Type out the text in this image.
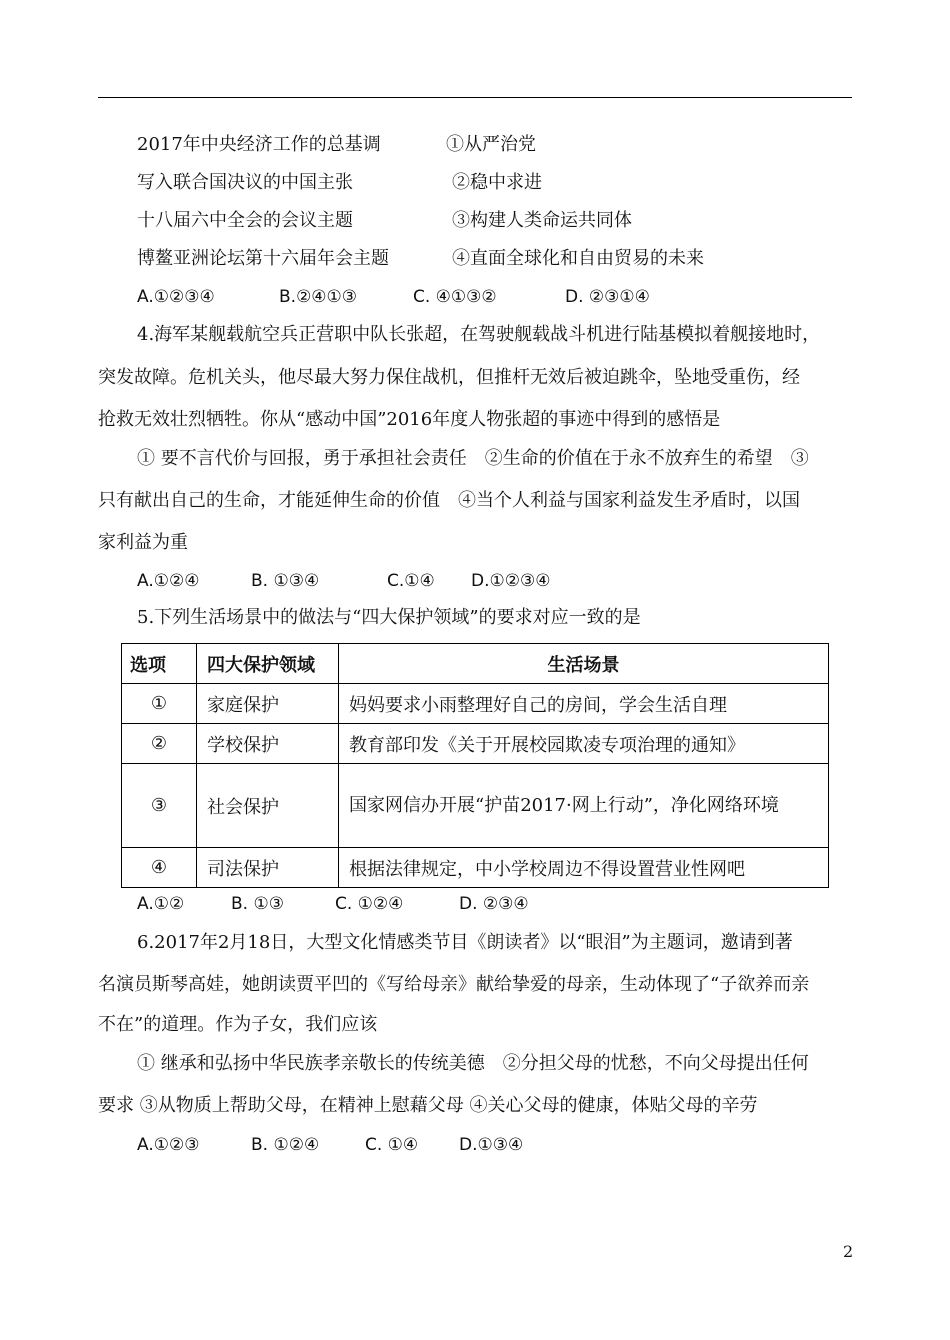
2017年中央经济工作的总基调	①从严治党
写入联合国决议的中国主张	②稳中求进
十八届六中全会的会议主题	③构建人类命运共同体
博鳌亚洲论坛第十六届年会主题	④直面全球化和自由贸易的未来
A.①②③④	B.②④①③	C. ④①③②	D. ②③①④
4.海军某舰载航空兵正营职中队长张超，在驾驶舰载战斗机进行陆基模拟着舰接地时，
突发故障。危机关头，他尽最大努力保住战机，但推杆无效后被迫跳伞，坠地受重伤，经
抢救无效壮烈牺牲。你从“感动中国”2016年度人物张超的事迹中得到的感悟是
① 要不言代价与回报，勇于承担社会责任　②生命的价值在于永不放弃生的希望　③
只有献出自己的生命，才能延伸生命的价值　④当个人利益与国家利益发生矛盾时，以国
家利益为重
A.①②④	B. ①③④	C.①④ D.①②③④
5.下列生活场景中的做法与“四大保护领域”的要求对应一致的是
选项	四大保护领域	生活场景
①	家庭保护	妈妈要求小雨整理好自己的房间，学会生活自理
②	学校保护	教育部印发《关于开展校园欺凌专项治理的通知》
③	社会保护	国家网信办开展“护苗2017·网上行动”，净化网络环境
④	司法保护	根据法律规定，中小学校周边不得设置营业性网吧
A.①②	B. ①③	C. ①②④	D. ②③④
6.2017年2月18日，大型文化情感类节目《朗读者》以“眼泪”为主题词，邀请到著
名演员斯琴高娃，她朗读贾平凹的《写给母亲》献给挚爱的母亲，生动体现了“子欲养而亲
不在”的道理。作为子女，我们应该
① 继承和弘扬中华民族孝亲敬长的传统美德　②分担父母的忧愁，不向父母提出任何
要求 ③从物质上帮助父母，在精神上慰藉父母 ④关心父母的健康，体贴父母的辛劳
A.①②③	B. ①②④	C. ①④ D.①③④
2
